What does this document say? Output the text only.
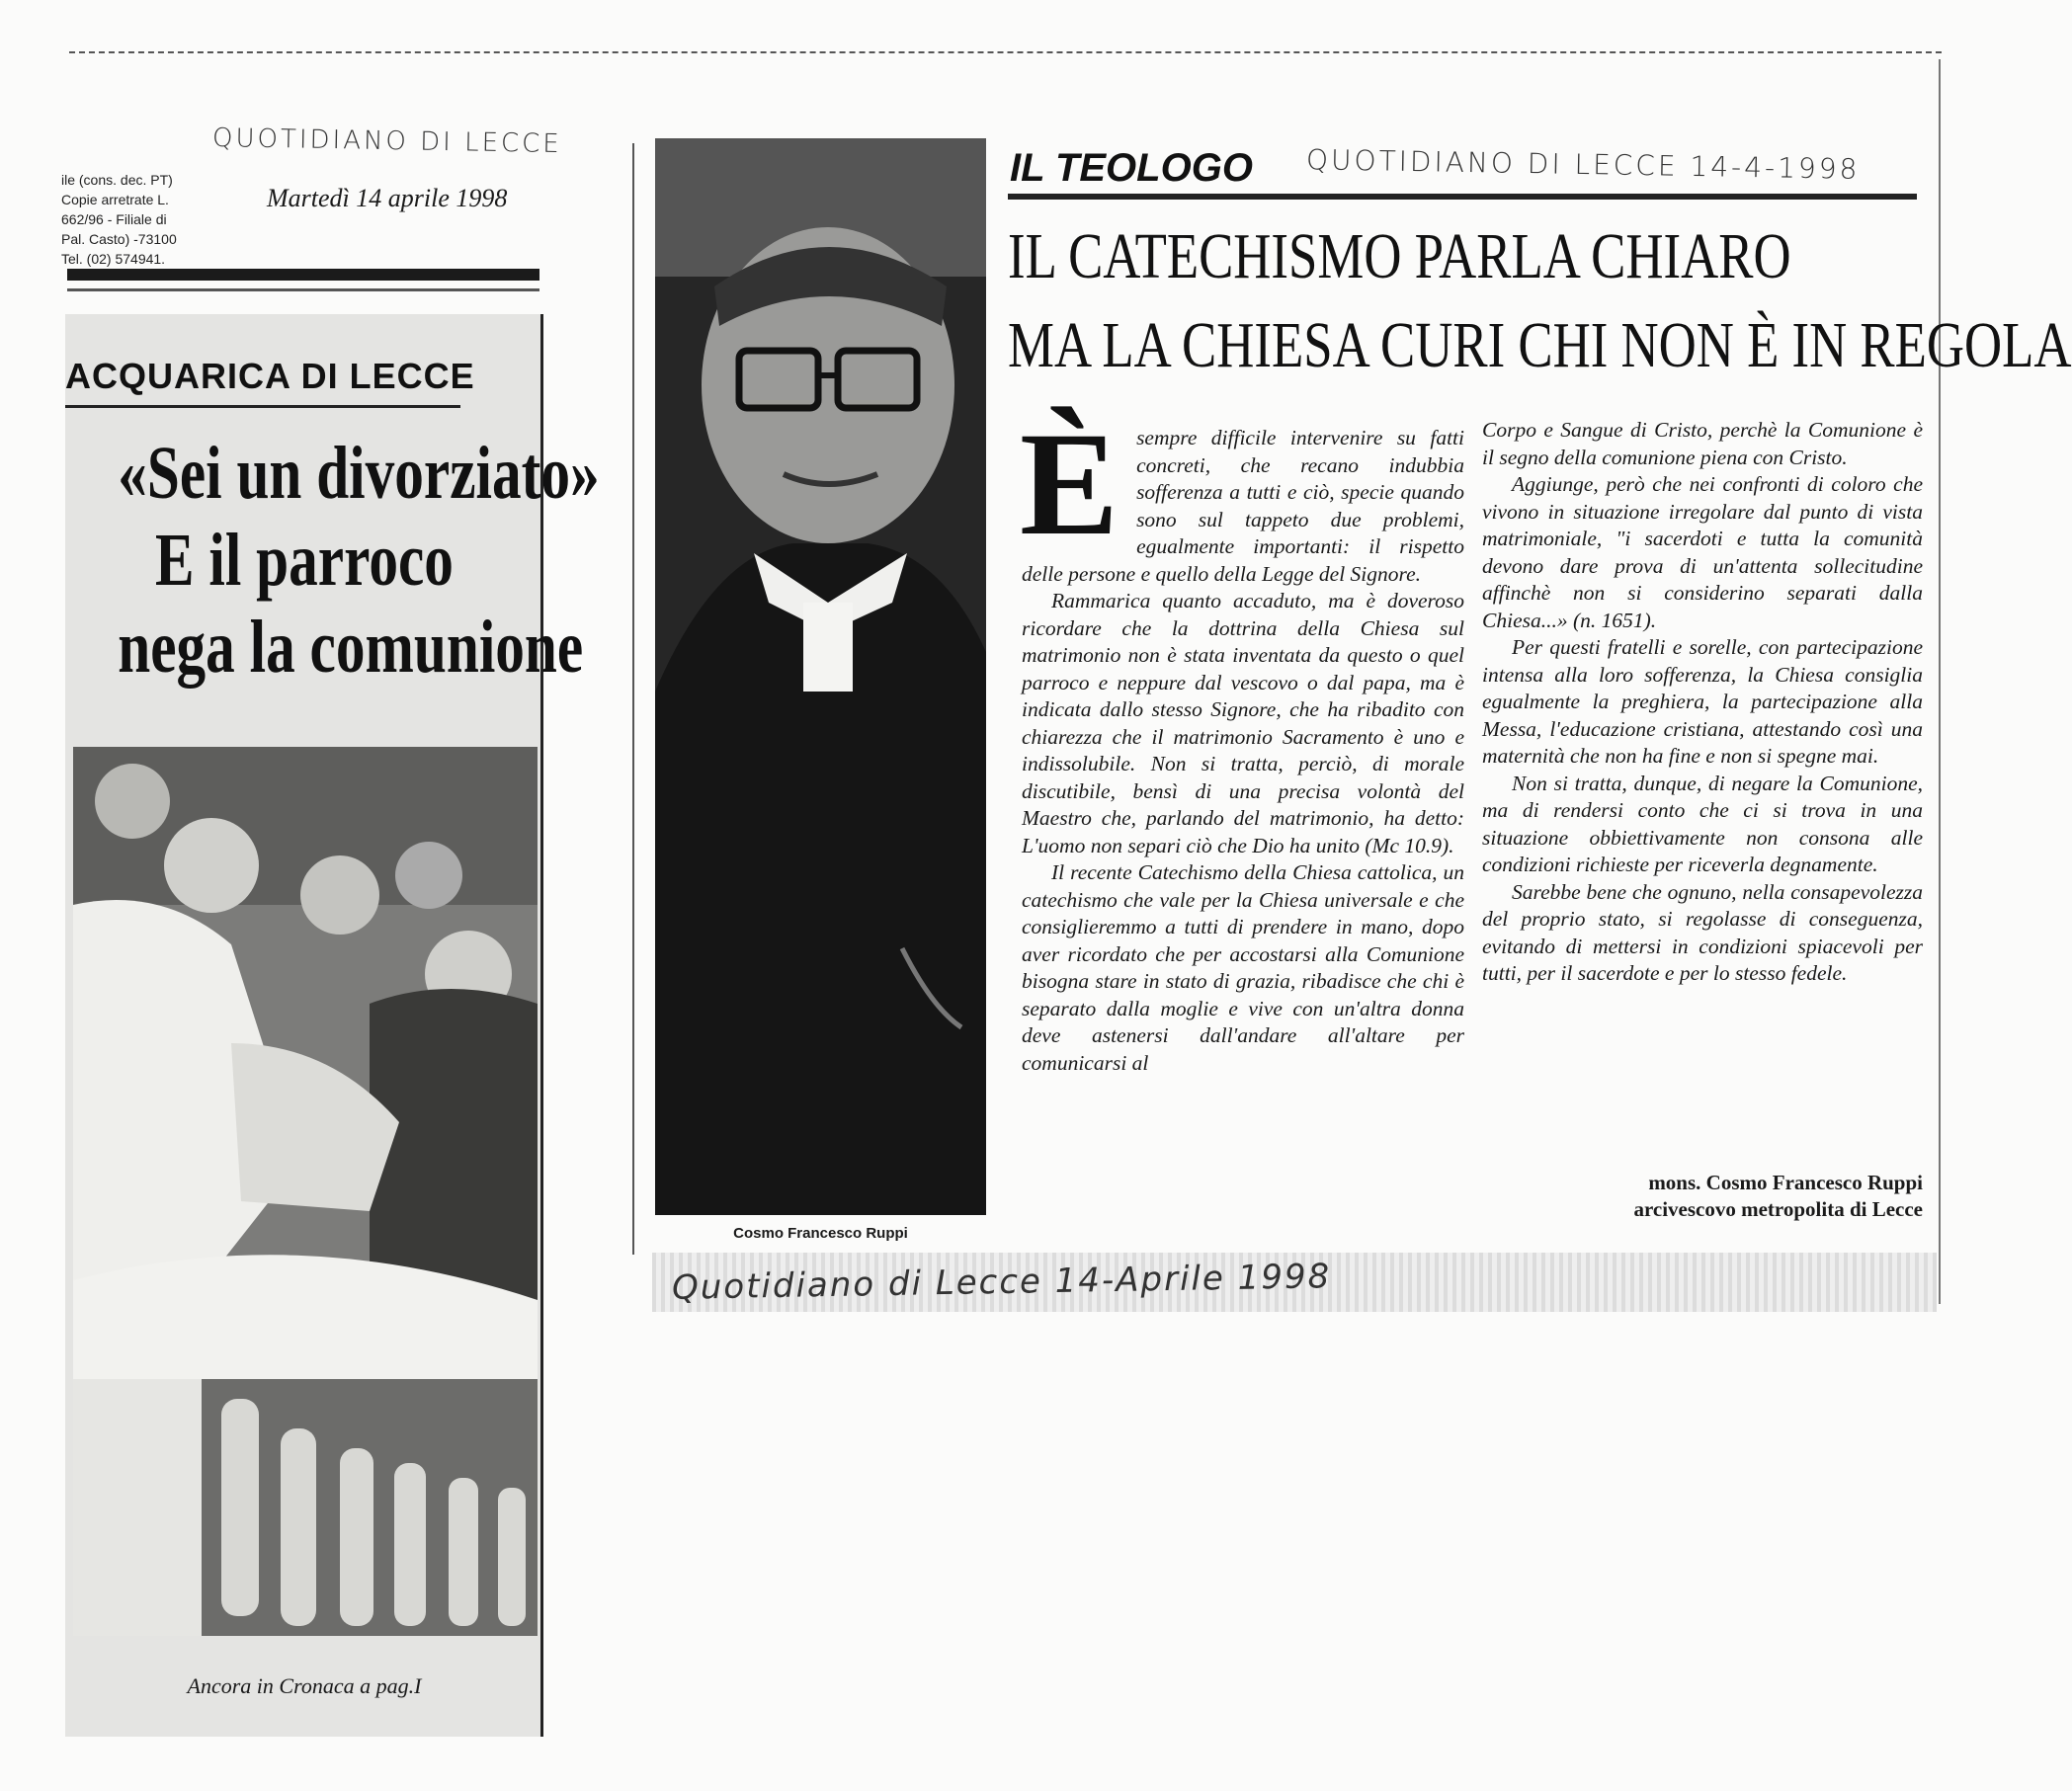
QUOTIDIANO DI LECCE
ile (cons. dec. PT)
Copie arretrate L.
662/96 - Filiale di
Pal. Casto) -73100
Tel. (02) 574941.
Martedì 14 aprile 1998
ACQUARICA DI LECCE
«Sei un divorziato»
E il parroco
nega la comunione
Ancora in Cronaca a pag.I
Cosmo Francesco Ruppi
IL TEOLOGO QUOTIDIANO DI LECCE 14-4-1998
IL CATECHISMO PARLA CHIARO
MA LA CHIESA CURI CHI NON È IN REGOLA
È sempre difficile intervenire su fatti concreti, che recano indubbia sofferenza a tutti e ciò, specie quando sono sul tappeto due problemi, egualmente importanti: il rispetto delle persone e quello della Legge del Signore.

Rammarica quanto accaduto, ma è doveroso ricordare che la dottrina della Chiesa sul matrimonio non è stata inventata da questo o quel parroco e neppure dal vescovo o dal papa, ma è indicata dallo stesso Signore, che ha ribadito con chiarezza che il matrimonio Sacramento è uno e indissolubile. Non si tratta, perciò, di morale discutibile, bensì di una precisa volontà del Maestro che, parlando del matrimonio, ha detto: L'uomo non separi ciò che Dio ha unito (Mc 10.9).

Il recente Catechismo della Chiesa cattolica, un catechismo che vale per la Chiesa universale e che consiglieremmo a tutti di prendere in mano, dopo aver ricordato che per accostarsi alla Comunione bisogna stare in stato di grazia, ribadisce che chi è separato dalla moglie e vive con un'altra donna deve astenersi dall'andare all'altare per comunicarsi al

Corpo e Sangue di Cristo, perchè la Comunione è il segno della comunione piena con Cristo.

Aggiunge, però che nei confronti di coloro che vivono in situazione irregolare dal punto di vista matrimoniale, "i sacerdoti e tutta la comunità devono dare prova di un'attenta sollecitudine affinchè non si considerino separati dalla Chiesa...» (n. 1651).

Per questi fratelli e sorelle, con partecipazione intensa alla loro sofferenza, la Chiesa consiglia egualmente la preghiera, la partecipazione alla Messa, l'educazione cristiana, attestando così una maternità che non ha fine e non si spegne mai.

Non si tratta, dunque, di negare la Comunione, ma di rendersi conto che ci si trova in una situazione obbiettivamente non consona alle condizioni richieste per riceverla degnamente.

Sarebbe bene che ognuno, nella consapevolezza del proprio stato, si regolasse di conseguenza, evitando di mettersi in condizioni spiacevoli per tutti, per il sacerdote e per lo stesso fedele.

mons. Cosmo Francesco Ruppi
arcivescovo metropolita di Lecce
Quotidiano di Lecce 14-Aprile 1998
